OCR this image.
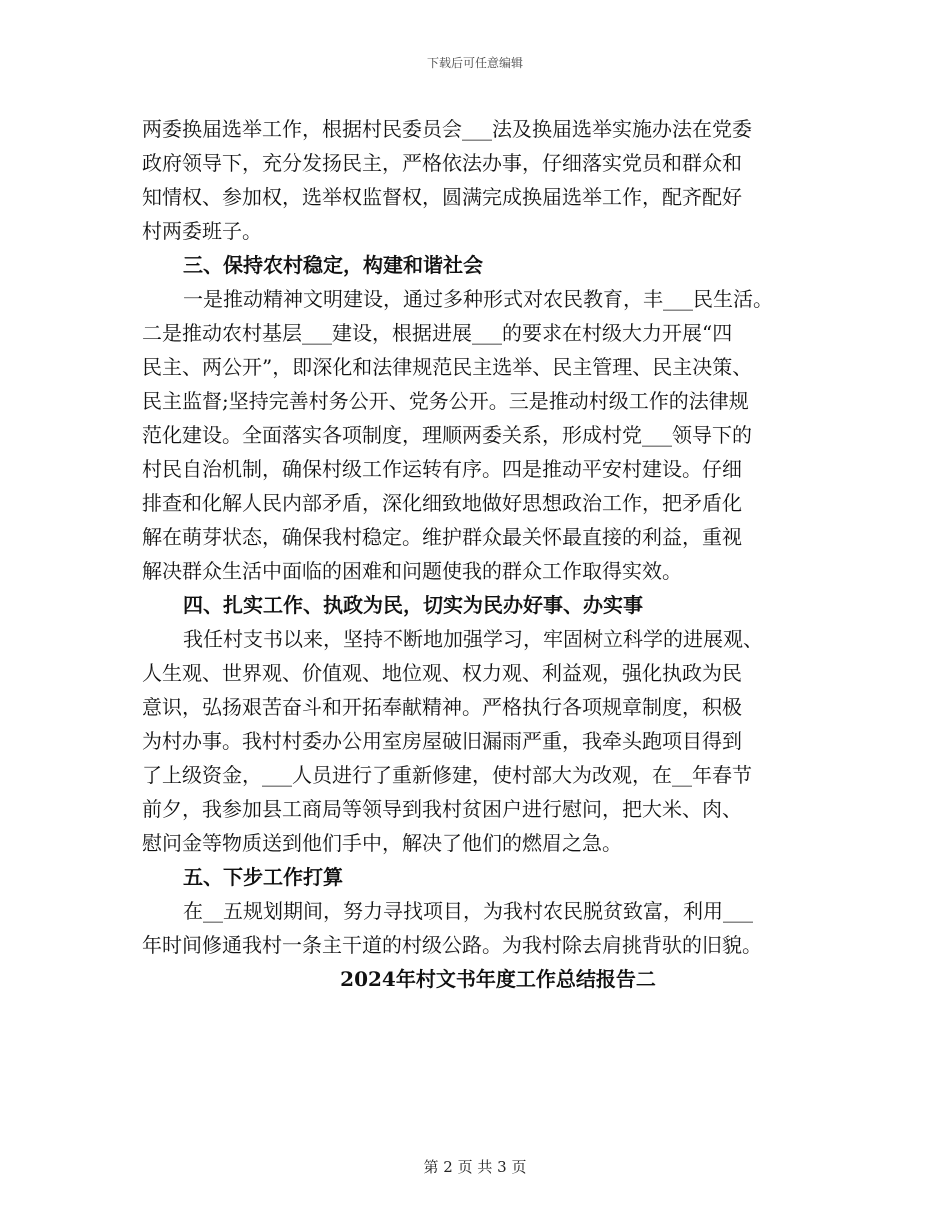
下载后可任意编辑
两委换届选举工作，根据村民委员会___法及换届选举实施办法在党委
政府领导下，充分发扬民主，严格依法办事，仔细落实党员和群众和
知情权、参加权，选举权监督权，圆满完成换届选举工作，配齐配好
村两委班子。
三、保持农村稳定，构建和谐社会
一是推动精神文明建设，通过多种形式对农民教育，丰___民生活。
二是推动农村基层___建设，根据进展___的要求在村级大力开展“四
民主、两公开”，即深化和法律规范民主选举、民主管理、民主决策、
民主监督;坚持完善村务公开、党务公开。三是推动村级工作的法律规
范化建设。全面落实各项制度，理顺两委关系，形成村党___领导下的
村民自治机制，确保村级工作运转有序。四是推动平安村建设。仔细
排查和化解人民内部矛盾，深化细致地做好思想政治工作，把矛盾化
解在萌芽状态，确保我村稳定。维护群众最关怀最直接的利益，重视
解决群众生活中面临的困难和问题使我的群众工作取得实效。
四、扎实工作、执政为民，切实为民办好事、办实事
我任村支书以来，坚持不断地加强学习，牢固树立科学的进展观、
人生观、世界观、价值观、地位观、权力观、利益观，强化执政为民
意识，弘扬艰苦奋斗和开拓奉献精神。严格执行各项规章制度，积极
为村办事。我村村委办公用室房屋破旧漏雨严重，我牵头跑项目得到
了上级资金，___人员进行了重新修建，使村部大为改观，在__年春节
前夕，我参加县工商局等领导到我村贫困户进行慰问，把大米、肉、
慰问金等物质送到他们手中，解决了他们的燃眉之急。
五、下步工作打算
在__五规划期间，努力寻找项目，为我村农民脱贫致富，利用___
年时间修通我村一条主干道的村级公路。为我村除去肩挑背驮的旧貌。
2024年村文书年度工作总结报告二
第 2 页 共 3 页
